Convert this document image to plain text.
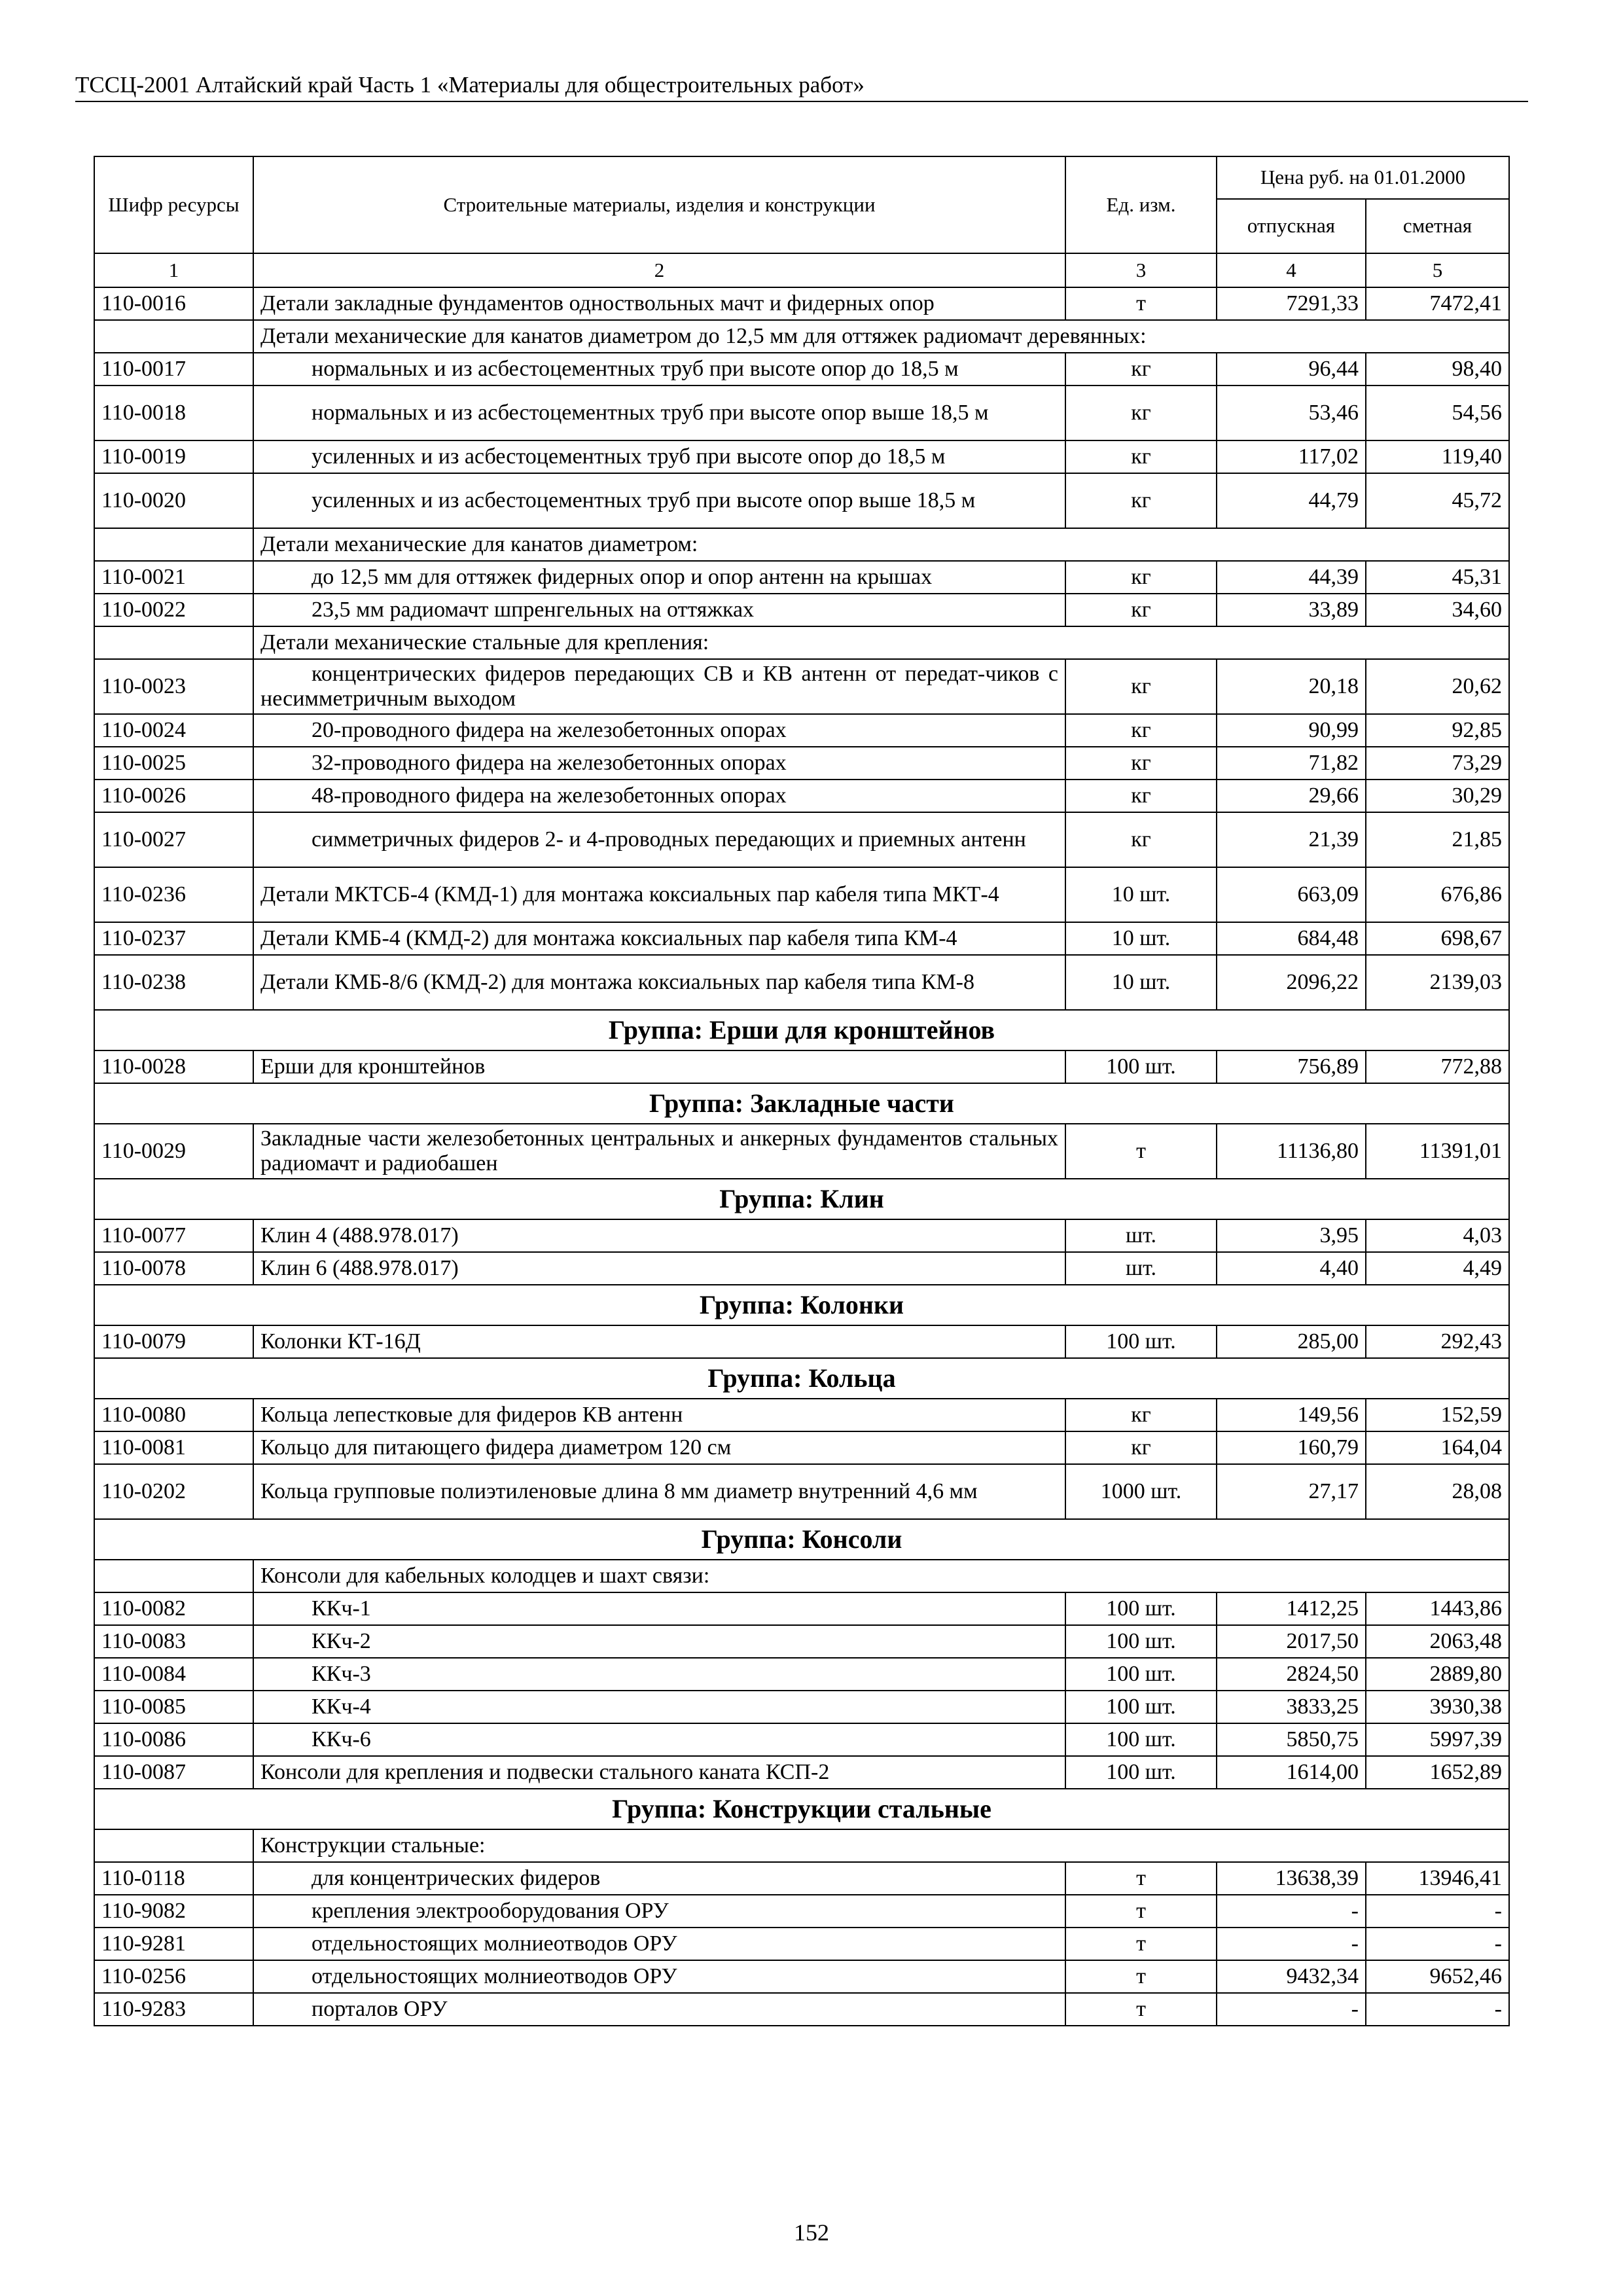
ТССЦ-2001 Алтайский край Часть 1 «Материалы для общестроительных работ»
Шифр ресурсы	Строительные материалы, изделия и конструкции	Ед. изм.	Цена руб. на 01.01.2000	
			отпускная	сметная
1	2	3	4	5
110-0016	Детали закладные фундаментов одноствольных мачт и фидерных опор	т	7291,33	7472,41
	Детали механические для канатов диаметром до 12,5 мм для оттяжек радиомачт деревянных:			
110-0017	нормальных и из асбестоцементных труб при высоте опор до 18,5 м	кг	96,44	98,40
110-0018	нормальных и из асбестоцементных труб при высоте опор выше 18,5 м	кг	53,46	54,56
110-0019	усиленных и из асбестоцементных труб при высоте опор до 18,5 м	кг	117,02	119,40
110-0020	усиленных и из асбестоцементных труб при высоте опор выше 18,5 м	кг	44,79	45,72
	Детали механические для канатов диаметром:			
110-0021	до 12,5 мм для оттяжек фидерных опор и опор антенн на крышах	кг	44,39	45,31
110-0022	23,5 мм радиомачт шпренгельных на оттяжках	кг	33,89	34,60
	Детали механические стальные для крепления:			
110-0023	концентрических фидеров передающих СВ и КВ антенн от передат-чиков с несимметричным выходом	кг	20,18	20,62
110-0024	20-проводного фидера на железобетонных опорах	кг	90,99	92,85
110-0025	32-проводного фидера на железобетонных опорах	кг	71,82	73,29
110-0026	48-проводного фидера на железобетонных опорах	кг	29,66	30,29
110-0027	симметричных фидеров 2- и 4-проводных передающих и приемных антенн	кг	21,39	21,85
110-0236	Детали МКТСБ-4 (КМД-1) для монтажа коксиальных пар кабеля типа МКТ-4	10 шт.	663,09	676,86
110-0237	Детали КМБ-4 (КМД-2) для монтажа коксиальных пар кабеля типа КМ-4	10 шт.	684,48	698,67
110-0238	Детали КМБ-8/6 (КМД-2) для монтажа коксиальных пар кабеля типа КМ-8	10 шт.	2096,22	2139,03
Группа: Ерши для кронштейнов				
110-0028	Ерши для кронштейнов	100 шт.	756,89	772,88
Группа: Закладные части				
110-0029	Закладные части железобетонных центральных и анкерных фундаментов стальных радиомачт и радиобашен	т	11136,80	11391,01
Группа: Клин				
110-0077	Клин 4 (488.978.017)	шт.	3,95	4,03
110-0078	Клин 6 (488.978.017)	шт.	4,40	4,49
Группа: Колонки				
110-0079	Колонки КТ-16Д	100 шт.	285,00	292,43
Группа: Кольца				
110-0080	Кольца лепестковые для фидеров КВ антенн	кг	149,56	152,59
110-0081	Кольцо для питающего фидера диаметром 120 см	кг	160,79	164,04
110-0202	Кольца групповые полиэтиленовые длина 8 мм диаметр внутренний 4,6 мм	1000 шт.	27,17	28,08
Группа: Консоли				
	Консоли для кабельных колодцев и шахт связи:			
110-0082	ККч-1	100 шт.	1412,25	1443,86
110-0083	ККч-2	100 шт.	2017,50	2063,48
110-0084	ККч-3	100 шт.	2824,50	2889,80
110-0085	ККч-4	100 шт.	3833,25	3930,38
110-0086	ККч-6	100 шт.	5850,75	5997,39
110-0087	Консоли для крепления и подвески стального каната КСП-2	100 шт.	1614,00	1652,89
Группа: Конструкции стальные				
	Конструкции стальные:			
110-0118	для концентрических фидеров	т	13638,39	13946,41
110-9082	крепления электрооборудования ОРУ	т	-	-
110-9281	отдельностоящих молниеотводов ОРУ	т	-	-
110-0256	отдельностоящих молниеотводов ОРУ	т	9432,34	9652,46
110-9283	порталов ОРУ	т	-	-
152
